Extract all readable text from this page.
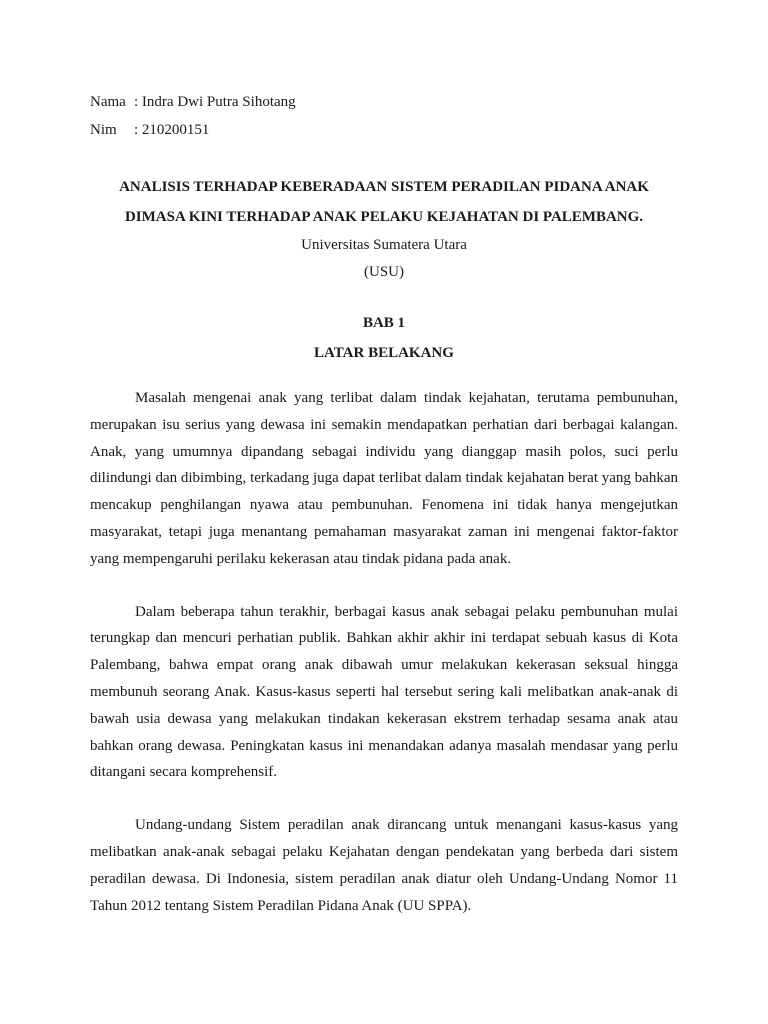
Nama : Indra Dwi Putra Sihotang
Nim	: 210200151
ANALISIS TERHADAP KEBERADAAN SISTEM PERADILAN PIDANA ANAK
DIMASA KINI TERHADAP ANAK PELAKU KEJAHATAN DI PALEMBANG.
Universitas Sumatera Utara
(USU)
BAB 1
LATAR BELAKANG

Masalah mengenai anak yang terlibat dalam tindak kejahatan, terutama pembunuhan, merupakan isu serius yang dewasa ini semakin mendapatkan perhatian dari berbagai kalangan. Anak, yang umumnya dipandang sebagai individu yang dianggap masih polos, suci perlu dilindungi dan dibimbing, terkadang juga dapat terlibat dalam tindak kejahatan berat yang bahkan mencakup penghilangan nyawa atau pembunuhan. Fenomena ini tidak hanya mengejutkan masyarakat, tetapi juga menantang pemahaman masyarakat zaman ini mengenai faktor-faktor yang mempengaruhi perilaku kekerasan atau tindak pidana pada anak.

Dalam beberapa tahun terakhir, berbagai kasus anak sebagai pelaku pembunuhan mulai terungkap dan mencuri perhatian publik. Bahkan akhir akhir ini terdapat sebuah kasus di Kota Palembang, bahwa empat orang anak dibawah umur melakukan kekerasan seksual hingga membunuh seorang Anak. Kasus-kasus seperti hal tersebut sering kali melibatkan anak-anak di bawah usia dewasa yang melakukan tindakan kekerasan ekstrem terhadap sesama anak atau bahkan orang dewasa. Peningkatan kasus ini menandakan adanya masalah mendasar yang perlu ditangani secara komprehensif.

Undang-undang Sistem peradilan anak dirancang untuk menangani kasus-kasus yang melibatkan anak-anak sebagai pelaku Kejahatan dengan pendekatan yang berbeda dari sistem peradilan dewasa. Di Indonesia, sistem peradilan anak diatur oleh Undang-Undang Nomor 11 Tahun 2012 tentang Sistem Peradilan Pidana Anak (UU SPPA).
